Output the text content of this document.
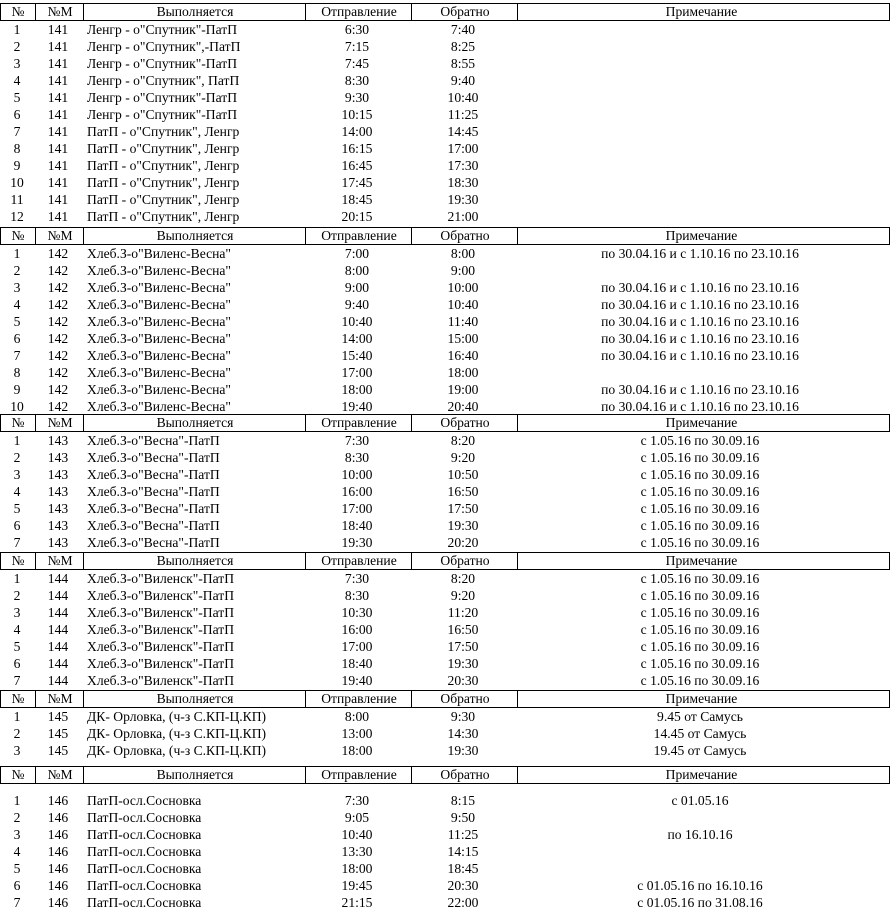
№	№М	Выполняется	Отправление	Обратно	Примечание
1	141	Ленгр - о"Спутник"-ПатП	6:30	7:40
2	141	Ленгр - о"Спутник",-ПатП	7:15	8:25
3	141	Ленгр - о"Спутник"-ПатП	7:45	8:55
4	141	Ленгр - о"Спутник", ПатП	8:30	9:40
5	141	Ленгр - о"Спутник"-ПатП	9:30	10:40
6	141	Ленгр - о"Спутник"-ПатП	10:15	11:25
7	141	ПатП - о"Спутник", Ленгр	14:00	14:45
8	141	ПатП - о"Спутник", Ленгр	16:15	17:00
9	141	ПатП - о"Спутник", Ленгр	16:45	17:30
10	141	ПатП - о"Спутник", Ленгр	17:45	18:30
11	141	ПатП - о"Спутник", Ленгр	18:45	19:30
12	141	ПатП - о"Спутник", Ленгр	20:15	21:00
№	№М	Выполняется	Отправление	Обратно	Примечание
1	142	Хлеб.З-о"Виленс-Весна"	7:00	8:00	по 30.04.16 и с 1.10.16 по 23.10.16
2	142	Хлеб.З-о"Виленс-Весна"	8:00	9:00
3	142	Хлеб.З-о"Виленс-Весна"	9:00	10:00	по 30.04.16 и с 1.10.16 по 23.10.16
4	142	Хлеб.З-о"Виленс-Весна"	9:40	10:40	по 30.04.16 и с 1.10.16 по 23.10.16
5	142	Хлеб.З-о"Виленс-Весна"	10:40	11:40	по 30.04.16 и с 1.10.16 по 23.10.16
6	142	Хлеб.З-о"Виленс-Весна"	14:00	15:00	по 30.04.16 и с 1.10.16 по 23.10.16
7	142	Хлеб.З-о"Виленс-Весна"	15:40	16:40	по 30.04.16 и с 1.10.16 по 23.10.16
8	142	Хлеб.З-о"Виленс-Весна"	17:00	18:00
9	142	Хлеб.З-о"Виленс-Весна"	18:00	19:00	по 30.04.16 и с 1.10.16 по 23.10.16
10	142	Хлеб.З-о"Виленс-Весна"	19:40	20:40	по 30.04.16 и с 1.10.16 по 23.10.16
№	№М	Выполняется	Отправление	Обратно	Примечание
1	143	Хлеб.З-о"Весна"-ПатП	7:30	8:20	с 1.05.16 по 30.09.16
2	143	Хлеб.З-о"Весна"-ПатП	8:30	9:20	с 1.05.16 по 30.09.16
3	143	Хлеб.З-о"Весна"-ПатП	10:00	10:50	с 1.05.16 по 30.09.16
4	143	Хлеб.З-о"Весна"-ПатП	16:00	16:50	с 1.05.16 по 30.09.16
5	143	Хлеб.З-о"Весна"-ПатП	17:00	17:50	с 1.05.16 по 30.09.16
6	143	Хлеб.З-о"Весна"-ПатП	18:40	19:30	с 1.05.16 по 30.09.16
7	143	Хлеб.З-о"Весна"-ПатП	19:30	20:20	с 1.05.16 по 30.09.16
№	№М	Выполняется	Отправление	Обратно	Примечание
1	144	Хлеб.З-о"Виленск"-ПатП	7:30	8:20	с 1.05.16 по 30.09.16
2	144	Хлеб.З-о"Виленск"-ПатП	8:30	9:20	с 1.05.16 по 30.09.16
3	144	Хлеб.З-о"Виленск"-ПатП	10:30	11:20	с 1.05.16 по 30.09.16
4	144	Хлеб.З-о"Виленск"-ПатП	16:00	16:50	с 1.05.16 по 30.09.16
5	144	Хлеб.З-о"Виленск"-ПатП	17:00	17:50	с 1.05.16 по 30.09.16
6	144	Хлеб.З-о"Виленск"-ПатП	18:40	19:30	с 1.05.16 по 30.09.16
7	144	Хлеб.З-о"Виленск"-ПатП	19:40	20:30	с 1.05.16 по 30.09.16
№	№М	Выполняется	Отправление	Обратно	Примечание
1	145	ДК- Орловка, (ч-з С.КП-Ц.КП)	8:00	9:30	9.45 от Самусь
2	145	ДК- Орловка, (ч-з С.КП-Ц.КП)	13:00	14:30	14.45 от Самусь
3	145	ДК- Орловка, (ч-з С.КП-Ц.КП)	18:00	19:30	19.45 от Самусь
№	№М	Выполняется	Отправление	Обратно	Примечание
1	146	ПатП-осл.Сосновка	7:30	8:15	с 01.05.16
2	146	ПатП-осл.Сосновка	9:05	9:50
3	146	ПатП-осл.Сосновка	10:40	11:25	по 16.10.16
4	146	ПатП-осл.Сосновка	13:30	14:15
5	146	ПатП-осл.Сосновка	18:00	18:45
6	146	ПатП-осл.Сосновка	19:45	20:30	с 01.05.16 по 16.10.16
7	146	ПатП-осл.Сосновка	21:15	22:00	с 01.05.16 по 31.08.16
